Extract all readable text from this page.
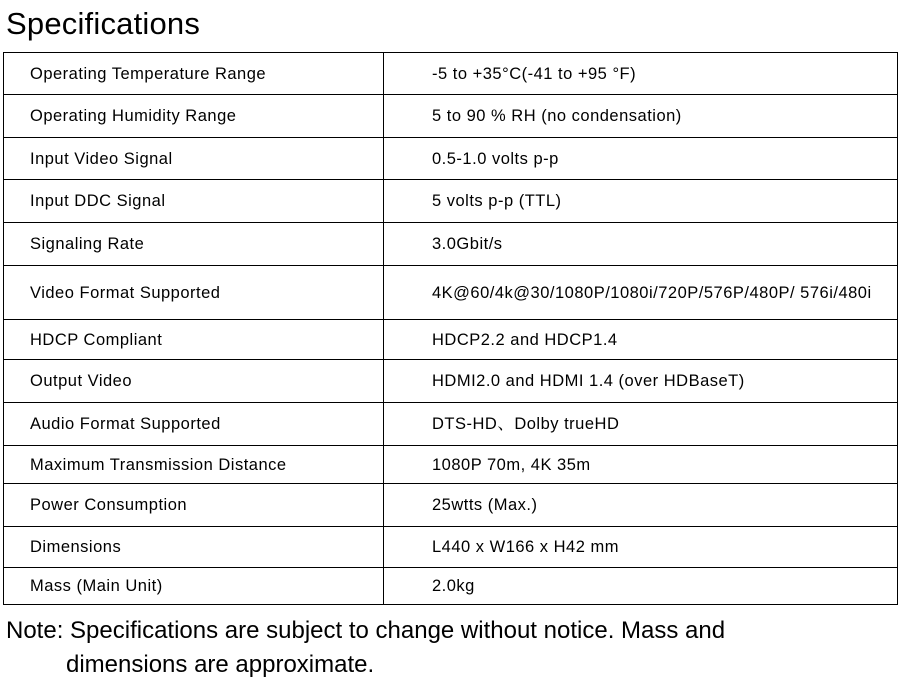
Specifications
Operating Temperature Range	-5 to +35°C(-41 to +95 °F)
Operating Humidity Range	5 to 90 % RH (no condensation)
Input Video Signal	0.5-1.0 volts p-p
Input DDC Signal	5 volts p-p (TTL)
Signaling Rate	3.0Gbit/s
Video Format Supported	4K@60/4k@30/1080P/1080i/720P/576P/480P/ 576i/480i
HDCP Compliant	HDCP2.2 and HDCP1.4
Output Video	HDMI2.0 and HDMI 1.4 (over HDBaseT)
Audio Format Supported	DTS-HD、Dolby trueHD
Maximum Transmission Distance	1080P 70m, 4K 35m
Power Consumption	25wtts (Max.)
Dimensions	L440 x W166 x H42 mm
Mass (Main Unit)	2.0kg
Note: Specifications are subject to change without notice. Mass and
dimensions are approximate.
